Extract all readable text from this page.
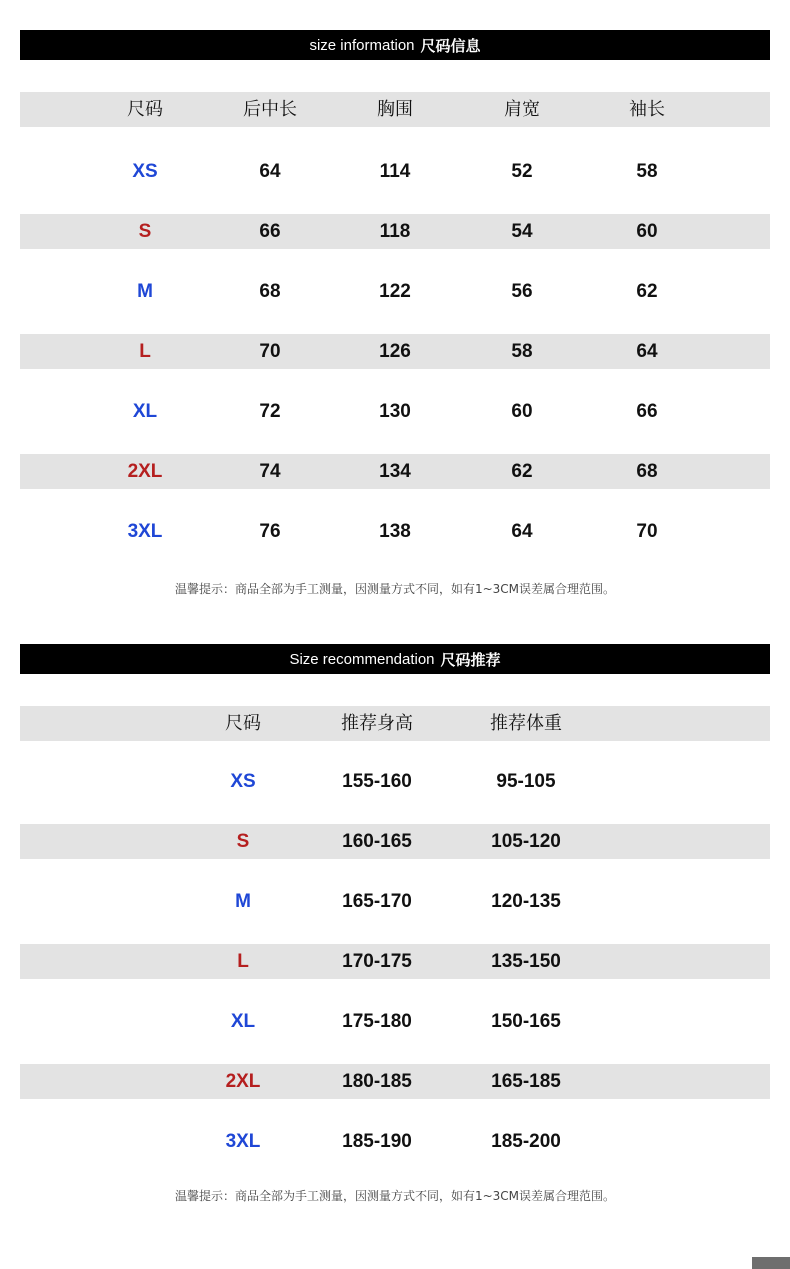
size information 尺码信息
尺码	后中长	胸围	肩宽	袖长
XS	64	114	52	58
S	66	118	54	60
M	68	122	56	62
L	70	126	58	64
XL	72	130	60	66
2XL	74	134	62	68
3XL	76	138	64	70
温馨提示：商品全部为手工测量，因测量方式不同，如有1~3CM误差属合理范围。
Size recommendation 尺码推荐
尺码	推荐身高	推荐体重
XS	155-160	95-105
S	160-165	105-120
M	165-170	120-135
L	170-175	135-150
XL	175-180	150-165
2XL	180-185	165-185
3XL	185-190	185-200
温馨提示：商品全部为手工测量，因测量方式不同，如有1~3CM误差属合理范围。
